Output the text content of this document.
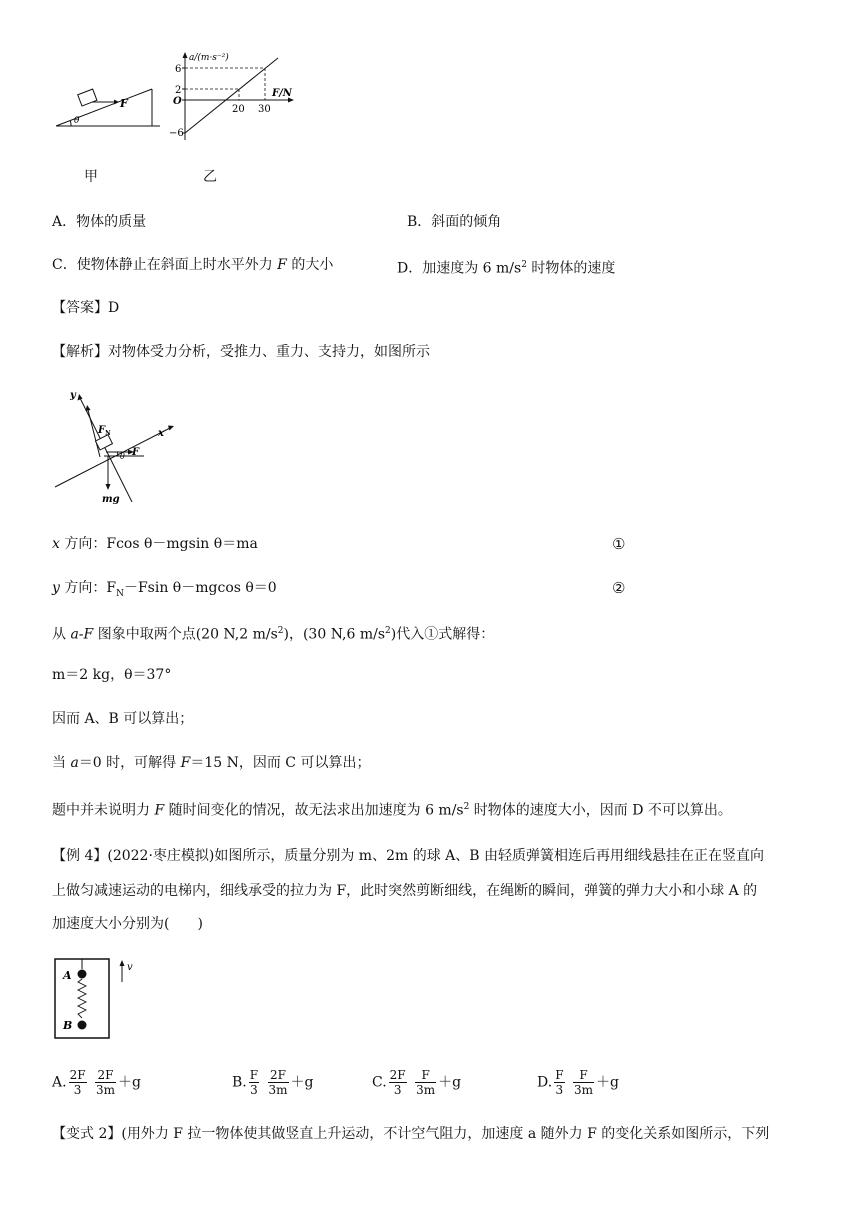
F
θ
a/(m·s⁻²)
F/N
O
6
2
−6
20 30
甲	乙
A．物体的质量	B．斜面的倾角
C．使物体静止在斜面上时水平外力 F 的大小	D．加速度为 6 $m/s^2$ 时物体的速度
【答案】D
【解析】对物体受力分析，受推力、重力、支持力，如图所示
y
x
$F_N$
F
θ
mg
x 方向：Fcos θ－mgsin θ＝ma	①
y 方向：$F_N-Fsin$ θ－mgcos θ＝0	②
从 a-F 图象中取两个点(20 N,2 $m/s^2$)，(30 N,6 $m/s^2$)代入①式解得：
m＝2 kg，θ＝37°
因而 A、B 可以算出；
当 a＝0 时，可解得 F＝15 N，因而 C 可以算出；
题中并未说明力 F 随时间变化的情况，故无法求出加速度为 6 $m/s^2$ 时物体的速度大小，因而 D 不可以算出。
【例 4】(2022·枣庄模拟)如图所示，质量分别为 m、2m 的球 A、B 由轻质弹簧相连后再用细线悬挂在正在竖直向
上做匀减速运动的电梯内，细线承受的拉力为 F，此时突然剪断细线，在绳断的瞬间，弹簧的弹力大小和小球 A 的
加速度大小分别为(　　)
A
B
v
A. $\frac{2F}{3}$
$\frac{2F}{3m} +g$	B. $\frac{F}{3}$
$\frac{2F}{3m} +g$	C. $\frac{2F}{3}$
$\frac{F}{3m} +g$	D. $\frac{F}{3}$
$\frac{F}{3m} +g$
【变式 2】(用外力 F 拉一物体使其做竖直上升运动，不计空气阻力，加速度 a 随外力 F 的变化关系如图所示，下列
